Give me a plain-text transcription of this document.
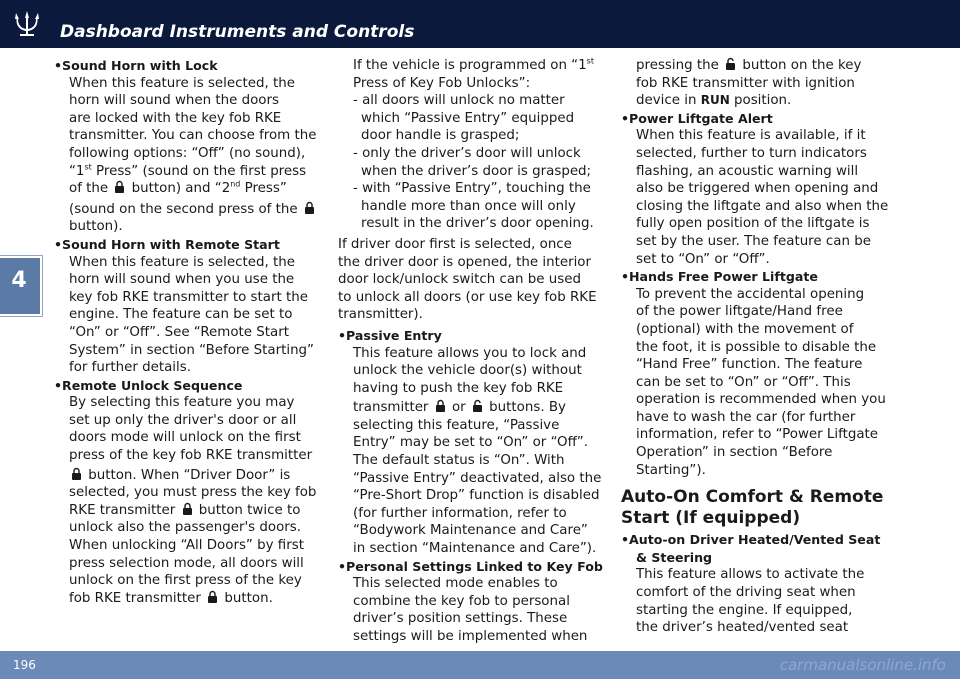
Dashboard Instruments and Controls
4

•Sound Horn with Lock

When this feature is selected, the

horn will sound when the doors

are locked with the key fob RKE

transmitter. You can choose from the

following options: “Off” (no sound),

“1st Press” (sound on the first press

of the  button) and “2nd Press”

(sound on the second press of the

button).

•Sound Horn with Remote Start

When this feature is selected, the

horn will sound when you use the

key fob RKE transmitter to start the

engine. The feature can be set to

“On” or “Off”. See “Remote Start

System” in section “Before Starting”

for further details.

•Remote Unlock Sequence

By selecting this feature you may

set up only the driver's door or all

doors mode will unlock on the first

press of the key fob RKE transmitter

button. When “Driver Door” is

selected, you must press the key fob

RKE transmitter  button twice to

unlock also the passenger's doors.

When unlocking “All Doors” by first

press selection mode, all doors will

unlock on the first press of the key

fob RKE transmitter  button.

If the vehicle is programmed on “1st

Press of Key Fob Unlocks”:

- all doors will unlock no matter

which “Passive Entry” equipped

door handle is grasped;

- only the driver’s door will unlock

when the driver’s door is grasped;

- with “Passive Entry”, touching the

handle more than once will only

result in the driver’s door opening.

If driver door first is selected, once

the driver door is opened, the interior

door lock/unlock switch can be used

to unlock all doors (or use key fob RKE

transmitter).

•Passive Entry

This feature allows you to lock and

unlock the vehicle door(s) without

having to push the key fob RKE

transmitter  or  buttons. By

selecting this feature, “Passive

Entry” may be set to “On” or “Off”.

The default status is “On”. With

“Passive Entry” deactivated, also the

“Pre-Short Drop” function is disabled

(for further information, refer to

“Bodywork Maintenance and Care”

in section “Maintenance and Care”).

•Personal Settings Linked to Key Fob

This selected mode enables to

combine the key fob to personal

driver’s position settings. These

settings will be implemented when

pressing the  button on the key

fob RKE transmitter with ignition

device in RUN position.

•Power Liftgate Alert

When this feature is available, if it

selected, further to turn indicators

flashing, an acoustic warning will

also be triggered when opening and

closing the liftgate and also when the

fully open position of the liftgate is

set by the user. The feature can be

set to “On” or “Off”.

•Hands Free Power Liftgate

To prevent the accidental opening

of the power liftgate/Hand free

(optional) with the movement of

the foot, it is possible to disable the

“Hand Free” function. The feature

can be set to “On” or “Off”. This

operation is recommended when you

have to wash the car (for further

information, refer to “Power Liftgate

Operation” in section “Before

Starting”).

Auto-On Comfort & Remote
Start (If equipped)

•Auto-on Driver Heated/Vented Seat

& Steering

This feature allows to activate the

comfort of the driving seat when

starting the engine. If equipped,

the driver’s heated/vented seat

196	carmanualsonline.info
